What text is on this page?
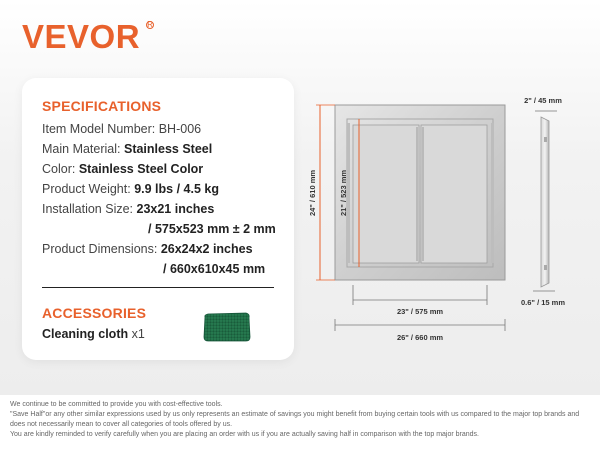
VEVOR R
SPECIFICATIONS
Item Model Number: BH-006
Main Material: Stainless Steel
Color: Stainless Steel Color
Product Weight: 9.9 lbs / 4.5 kg
Installation Size: 23x21 inches
/ 575x523 mm ± 2 mm
Product Dimensions: 26x24x2 inches
/ 660x610x45 mm
ACCESSORIES
Cleaning cloth x1
24" / 610 mm	21" / 523 mm
23" / 575 mm
26" / 660 mm
2" / 45 mm
0.6" / 15 mm
We continue to be committed to provide you with cost-effective tools.
"Save Half"or any other similar expressions used by us only represents an estimate of savings you might benefit from buying certain tools with us compared to the major top brands and does not necessarily mean to cover all categories of tools offered by us.
You are kindly reminded to verify carefully when you are placing an order with us if you are actually saving half in comparison with the top major brands.
